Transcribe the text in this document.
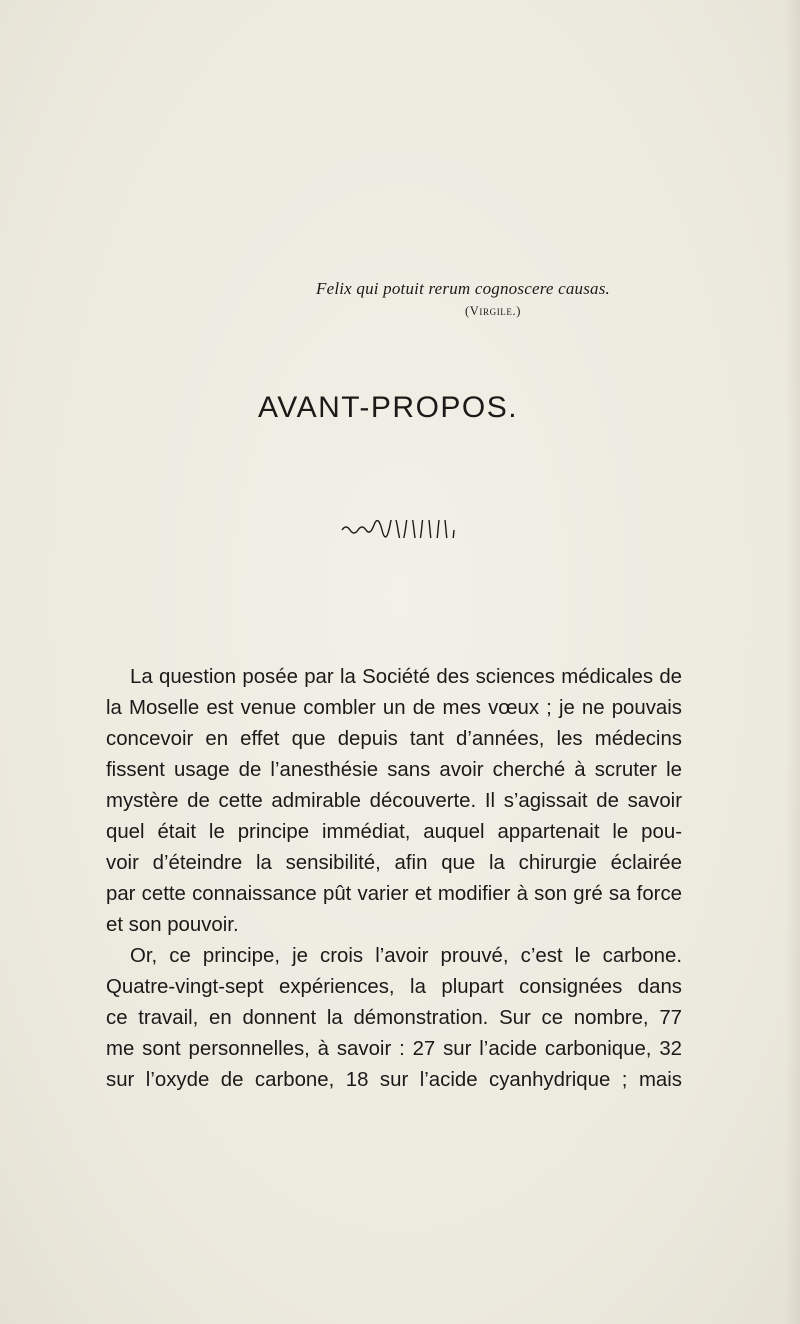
Felix qui potuit rerum cognoscere causas.
(Virgile.)
AVANT-PROPOS.
La question posée par la Société des sciences médicales de
la Moselle est venue combler un de mes vœux ; je ne pouvais
concevoir en effet que depuis tant d’années, les médecins
fissent usage de l’anesthésie sans avoir cherché à scruter le
mystère de cette admirable découverte. Il s’agissait de savoir
quel était le principe immédiat, auquel appartenait le pou-
voir d’éteindre la sensibilité, afin que la chirurgie éclairée
par cette connaissance pût varier et modifier à son gré sa force
et son pouvoir.
Or, ce principe, je crois l’avoir prouvé, c’est le carbone.
Quatre-vingt-sept expériences, la plupart consignées dans
ce travail, en donnent la démonstration. Sur ce nombre, 77
me sont personnelles, à savoir : 27 sur l’acide carbonique, 32
sur l’oxyde de carbone, 18 sur l’acide cyanhydrique ; mais
